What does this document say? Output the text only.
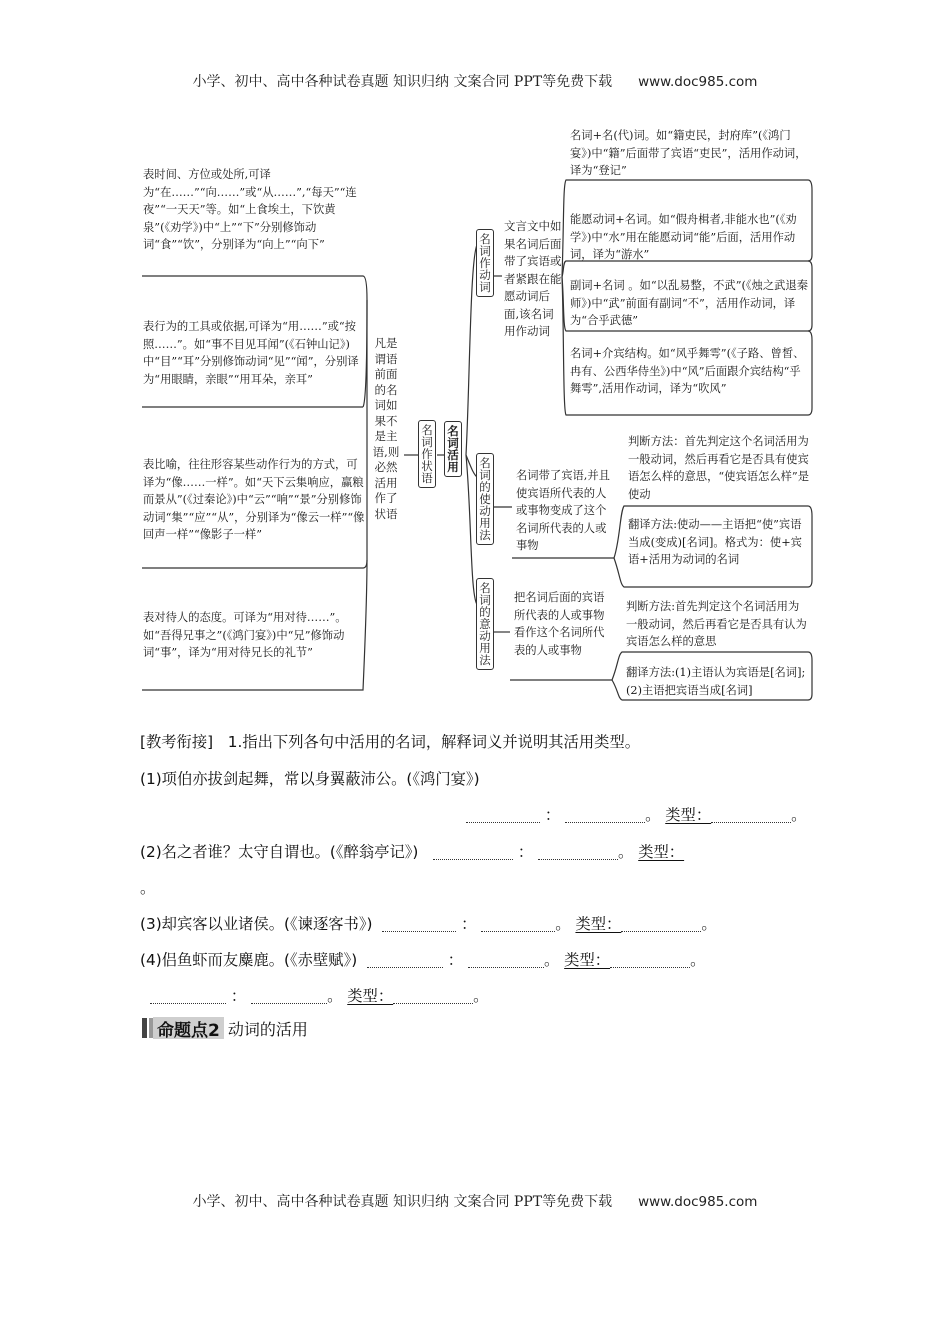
小学、初中、高中各种试卷真题 知识归纳 文案合同 PPT等免费下载 www.doc985.com
表时间、方位或处所,可译为“在……”“向……”或“从……”,“每天”“连夜”“一天天”等。如“上食埃土，下饮黄泉”(《劝学》)中“上”“下”分别修饰动词“食”“饮”，分别译为“向上”“向下”
表行为的工具或依据,可译为“用……”或“按照……”。如“事不目见耳闻”(《石钟山记》)中“目”“耳”分别修饰动词“见”“闻”，分别译为“用眼睛，亲眼”“用耳朵，亲耳”
表比喻，往往形容某些动作行为的方式，可译为“像……一样”。如“天下云集响应，赢粮而景从”(《过秦论》)中“云”“响”“景”分别修饰动词“集”“应”“从”，分别译为“像云一样”“像回声一样”“像影子一样”
表对待人的态度。可译为“用对待……”。如“吾得兄事之”(《鸿门宴》)中“兄”修饰动词“事”，译为“用对待兄长的礼节”
凡是谓语前面的名词如果不是主语,则必然活用作了状语
名词作状语 名词活用
名词作动词
文言文中如果名词后面带了宾语或者紧跟在能愿动词后面,该名词用作动词
名词+名(代)词。如“籍吏民，封府库”(《鸿门宴》)中“籍”后面带了宾语“吏民”，活用作动词，译为“登记”
能愿动词+名词。如“假舟楫者,非能水也”(《劝学》)中“水”用在能愿动词“能”后面，活用作动词，译为“游水”
副词+名词 。如“以乱易整，不武”(《烛之武退秦师》)中“武”前面有副词“不”，活用作动词，译为“合乎武德”
名词+介宾结构。如“风乎舞雩”(《子路、曾皙、冉有、公西华侍坐》)中“风”后面跟介宾结构“乎舞雩”,活用作动词，译为“吹风”
名词的使动用法 名词带了宾语,并且使宾语所代表的人或事物变成了这个名词所代表的人或事物
判断方法：首先判定这个名词活用为一般动词，然后再看它是否具有使宾语怎么样的意思，“使宾语怎么样”是使动
翻译方法:使动——主语把“使”宾语当成(变成)[名词]。格式为：使+宾语+活用为动词的名词
名词的意动用法 把名词后面的宾语所代表的人或事物看作这个名词所代表的人或事物
判断方法:首先判定这个名词活用为一般动词，然后再看它是否具有认为宾语怎么样的意思
翻译方法:(1)主语认为宾语是[名词];(2)主语把宾语当成[名词]
[教考衔接] 1.指出下列各句中活用的名词，解释词义并说明其活用类型。
(1)项伯亦拔剑起舞，常以身翼蔽沛公。(《鸿门宴》)
：	。 类型：	。
(2)名之者谁？太守自谓也。(《醉翁亭记》)	：	。 类型：
。
(3)却宾客以业诸侯。(《谏逐客书》)	：	。 类型：	。
(4)侣鱼虾而友麋鹿。(《赤壁赋》)	：	。 类型：	。
：	。 类型：	。
命题点2 动词的活用
小学、初中、高中各种试卷真题 知识归纳 文案合同 PPT等免费下载 www.doc985.com
